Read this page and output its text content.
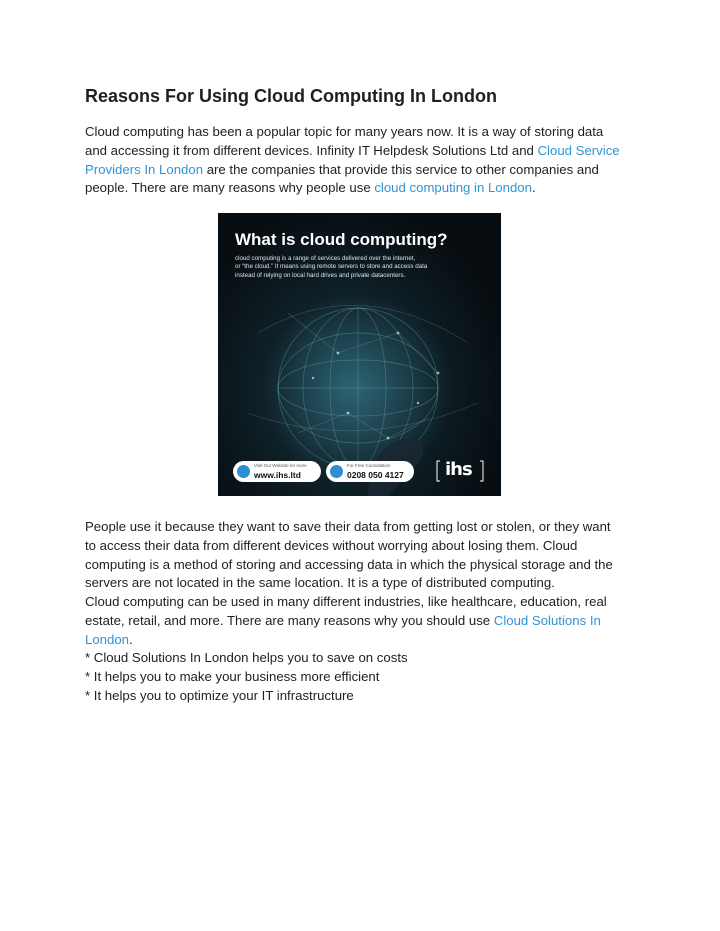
Reasons For Using Cloud Computing In London

Cloud computing has been a popular topic for many years now. It is a way of storing data
and accessing it from different devices. Infinity IT Helpdesk Solutions Ltd and Cloud Service
Providers In London are the companies that provide this service to other companies and
people. There are many reasons why people use cloud computing in London.

People use it because they want to save their data from getting lost or stolen, or they want
to access their data from different devices without worrying about losing them. Cloud
computing is a method of storing and accessing data in which the physical storage and the
servers are not located in the same location. It is a type of distributed computing.
Cloud computing can be used in many different industries, like healthcare, education, real
estate, retail, and more. There are many reasons why you should use Cloud Solutions In
London.

* Cloud Solutions In London helps you to save on costs
* It helps you to make your business more efficient
* It helps you to optimize your IT infrastructure
What is cloud computing?
cloud computing is a range of services delivered over the internet,
or “the cloud.” It means using remote servers to store and access data
instead of relying on local hard drives and private datacenters.
Visit Our Website for more
www.ihs.ltd
For Free Consultation
0208 050 4127 ihs
